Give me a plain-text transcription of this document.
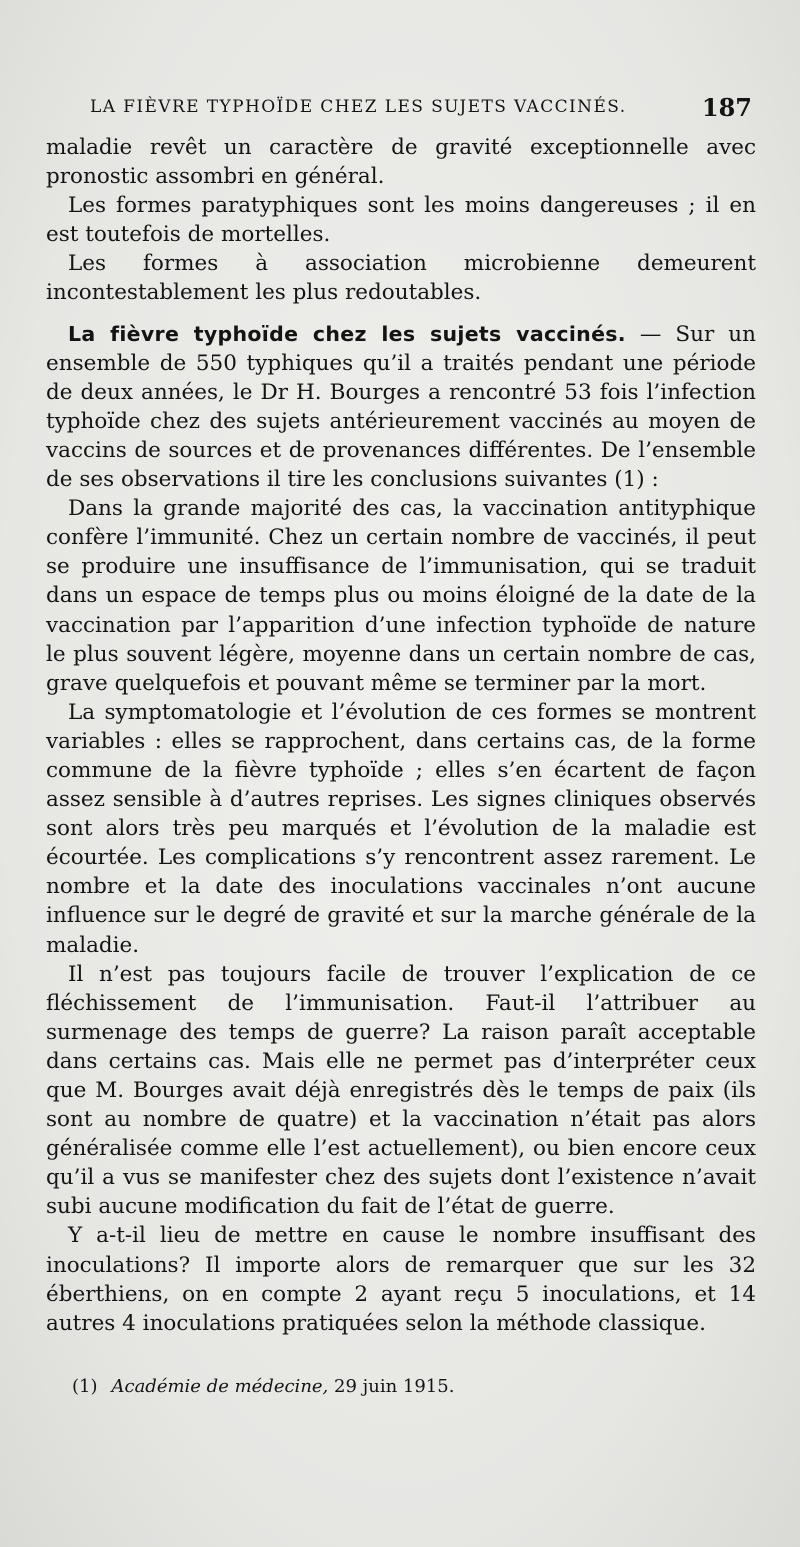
LA FIÈVRE TYPHOÏDE CHEZ LES SUJETS VACCINÉS.	187

maladie revêt un caractère de gravité exceptionnelle avec pronostic assombri en général.

Les formes paratyphiques sont les moins dangereuses ; il en est toutefois de mortelles.

Les formes à association microbienne demeurent incontestablement les plus redoutables.

La fièvre typhoïde chez les sujets vaccinés. — Sur un ensemble de 550 typhiques qu’il a traités pendant une période de deux années, le Dr H. Bourges a rencontré 53 fois l’infection typhoïde chez des sujets antérieurement vaccinés au moyen de vaccins de sources et de provenances différentes. De l’ensemble de ses observations il tire les conclusions suivantes (1) :

Dans la grande majorité des cas, la vaccination antityphique confère l’immunité. Chez un certain nombre de vaccinés, il peut se produire une insuffisance de l’immunisation, qui se traduit dans un espace de temps plus ou moins éloigné de la date de la vaccination par l’apparition d’une infection typhoïde de nature le plus souvent légère, moyenne dans un certain nombre de cas, grave quelquefois et pouvant même se terminer par la mort.

La symptomatologie et l’évolution de ces formes se montrent variables : elles se rapprochent, dans certains cas, de la forme commune de la fièvre typhoïde ; elles s’en écartent de façon assez sensible à d’autres reprises. Les signes cliniques observés sont alors très peu marqués et l’évolution de la maladie est écourtée. Les complications s’y rencontrent assez rarement. Le nombre et la date des inoculations vaccinales n’ont aucune influence sur le degré de gravité et sur la marche générale de la maladie.

Il n’est pas toujours facile de trouver l’explication de ce fléchissement de l’immunisation. Faut-il l’attribuer au surmenage des temps de guerre? La raison paraît acceptable dans certains cas. Mais elle ne permet pas d’interpréter ceux que M. Bourges avait déjà enregistrés dès le temps de paix (ils sont au nombre de quatre) et la vaccination n’était pas alors généralisée comme elle l’est actuellement), ou bien encore ceux qu’il a vus se manifester chez des sujets dont l’existence n’avait subi aucune modification du fait de l’état de guerre.

Y a-t-il lieu de mettre en cause le nombre insuffisant des inoculations? Il importe alors de remarquer que sur les 32 éberthiens, on en compte 2 ayant reçu 5 inoculations, et 14 autres 4 inoculations pratiquées selon la méthode classique.

(1) Académie de médecine, 29 juin 1915.
